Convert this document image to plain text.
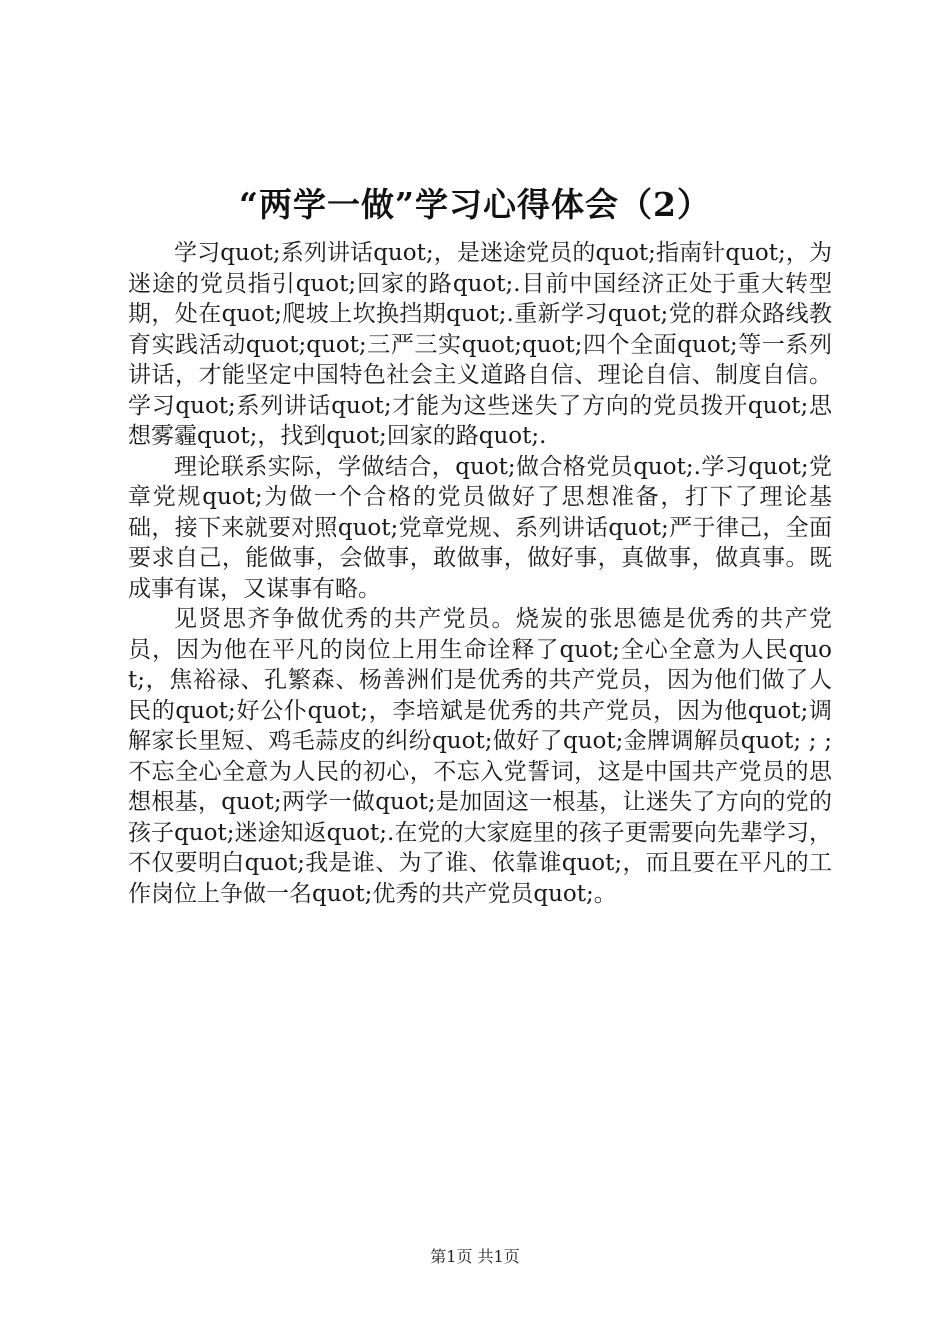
“两学一做”学习心得体会（2）

学习quot;系列讲话quot;，是迷途党员的quot;指南针quot;，为迷途的党员指引quot;回家的路quot;.目前中国经济正处于重大转型期，处在quot;爬坡上坎换挡期quot;.重新学习quot;党的群众路线教育实践活动quot;quot;三严三实quot;quot;四个全面quot;等一系列讲话，才能坚定中国特色社会主义道路自信、理论自信、制度自信。学习quot;系列讲话quot;才能为这些迷失了方向的党员拨开quot;思想雾霾quot;，找到quot;回家的路quot;.

理论联系实际，学做结合，quot;做合格党员quot;.学习quot;党章党规quot;为做一个合格的党员做好了思想准备，打下了理论基础，接下来就要对照quot;党章党规、系列讲话quot;严于律己，全面要求自己，能做事，会做事，敢做事，做好事，真做事，做真事。既成事有谋，又谋事有略。

见贤思齐争做优秀的共产党员。烧炭的张思德是优秀的共产党员，因为他在平凡的岗位上用生命诠释了quot;全心全意为人民quot;，焦裕禄、孔繁森、杨善洲们是优秀的共产党员，因为他们做了人民的quot;好公仆quot;，李培斌是优秀的共产党员，因为他quot;调解家长里短、鸡毛蒜皮的纠纷quot;做好了quot;金牌调解员quot; ; ;不忘全心全意为人民的初心，不忘入党誓词，这是中国共产党员的思想根基，quot;两学一做quot;是加固这一根基，让迷失了方向的党的孩子quot;迷途知返quot;.在党的大家庭里的孩子更需要向先辈学习，不仅要明白quot;我是谁、为了谁、依靠谁quot;，而且要在平凡的工作岗位上争做一名quot;优秀的共产党员quot;。

第1页 共1页
